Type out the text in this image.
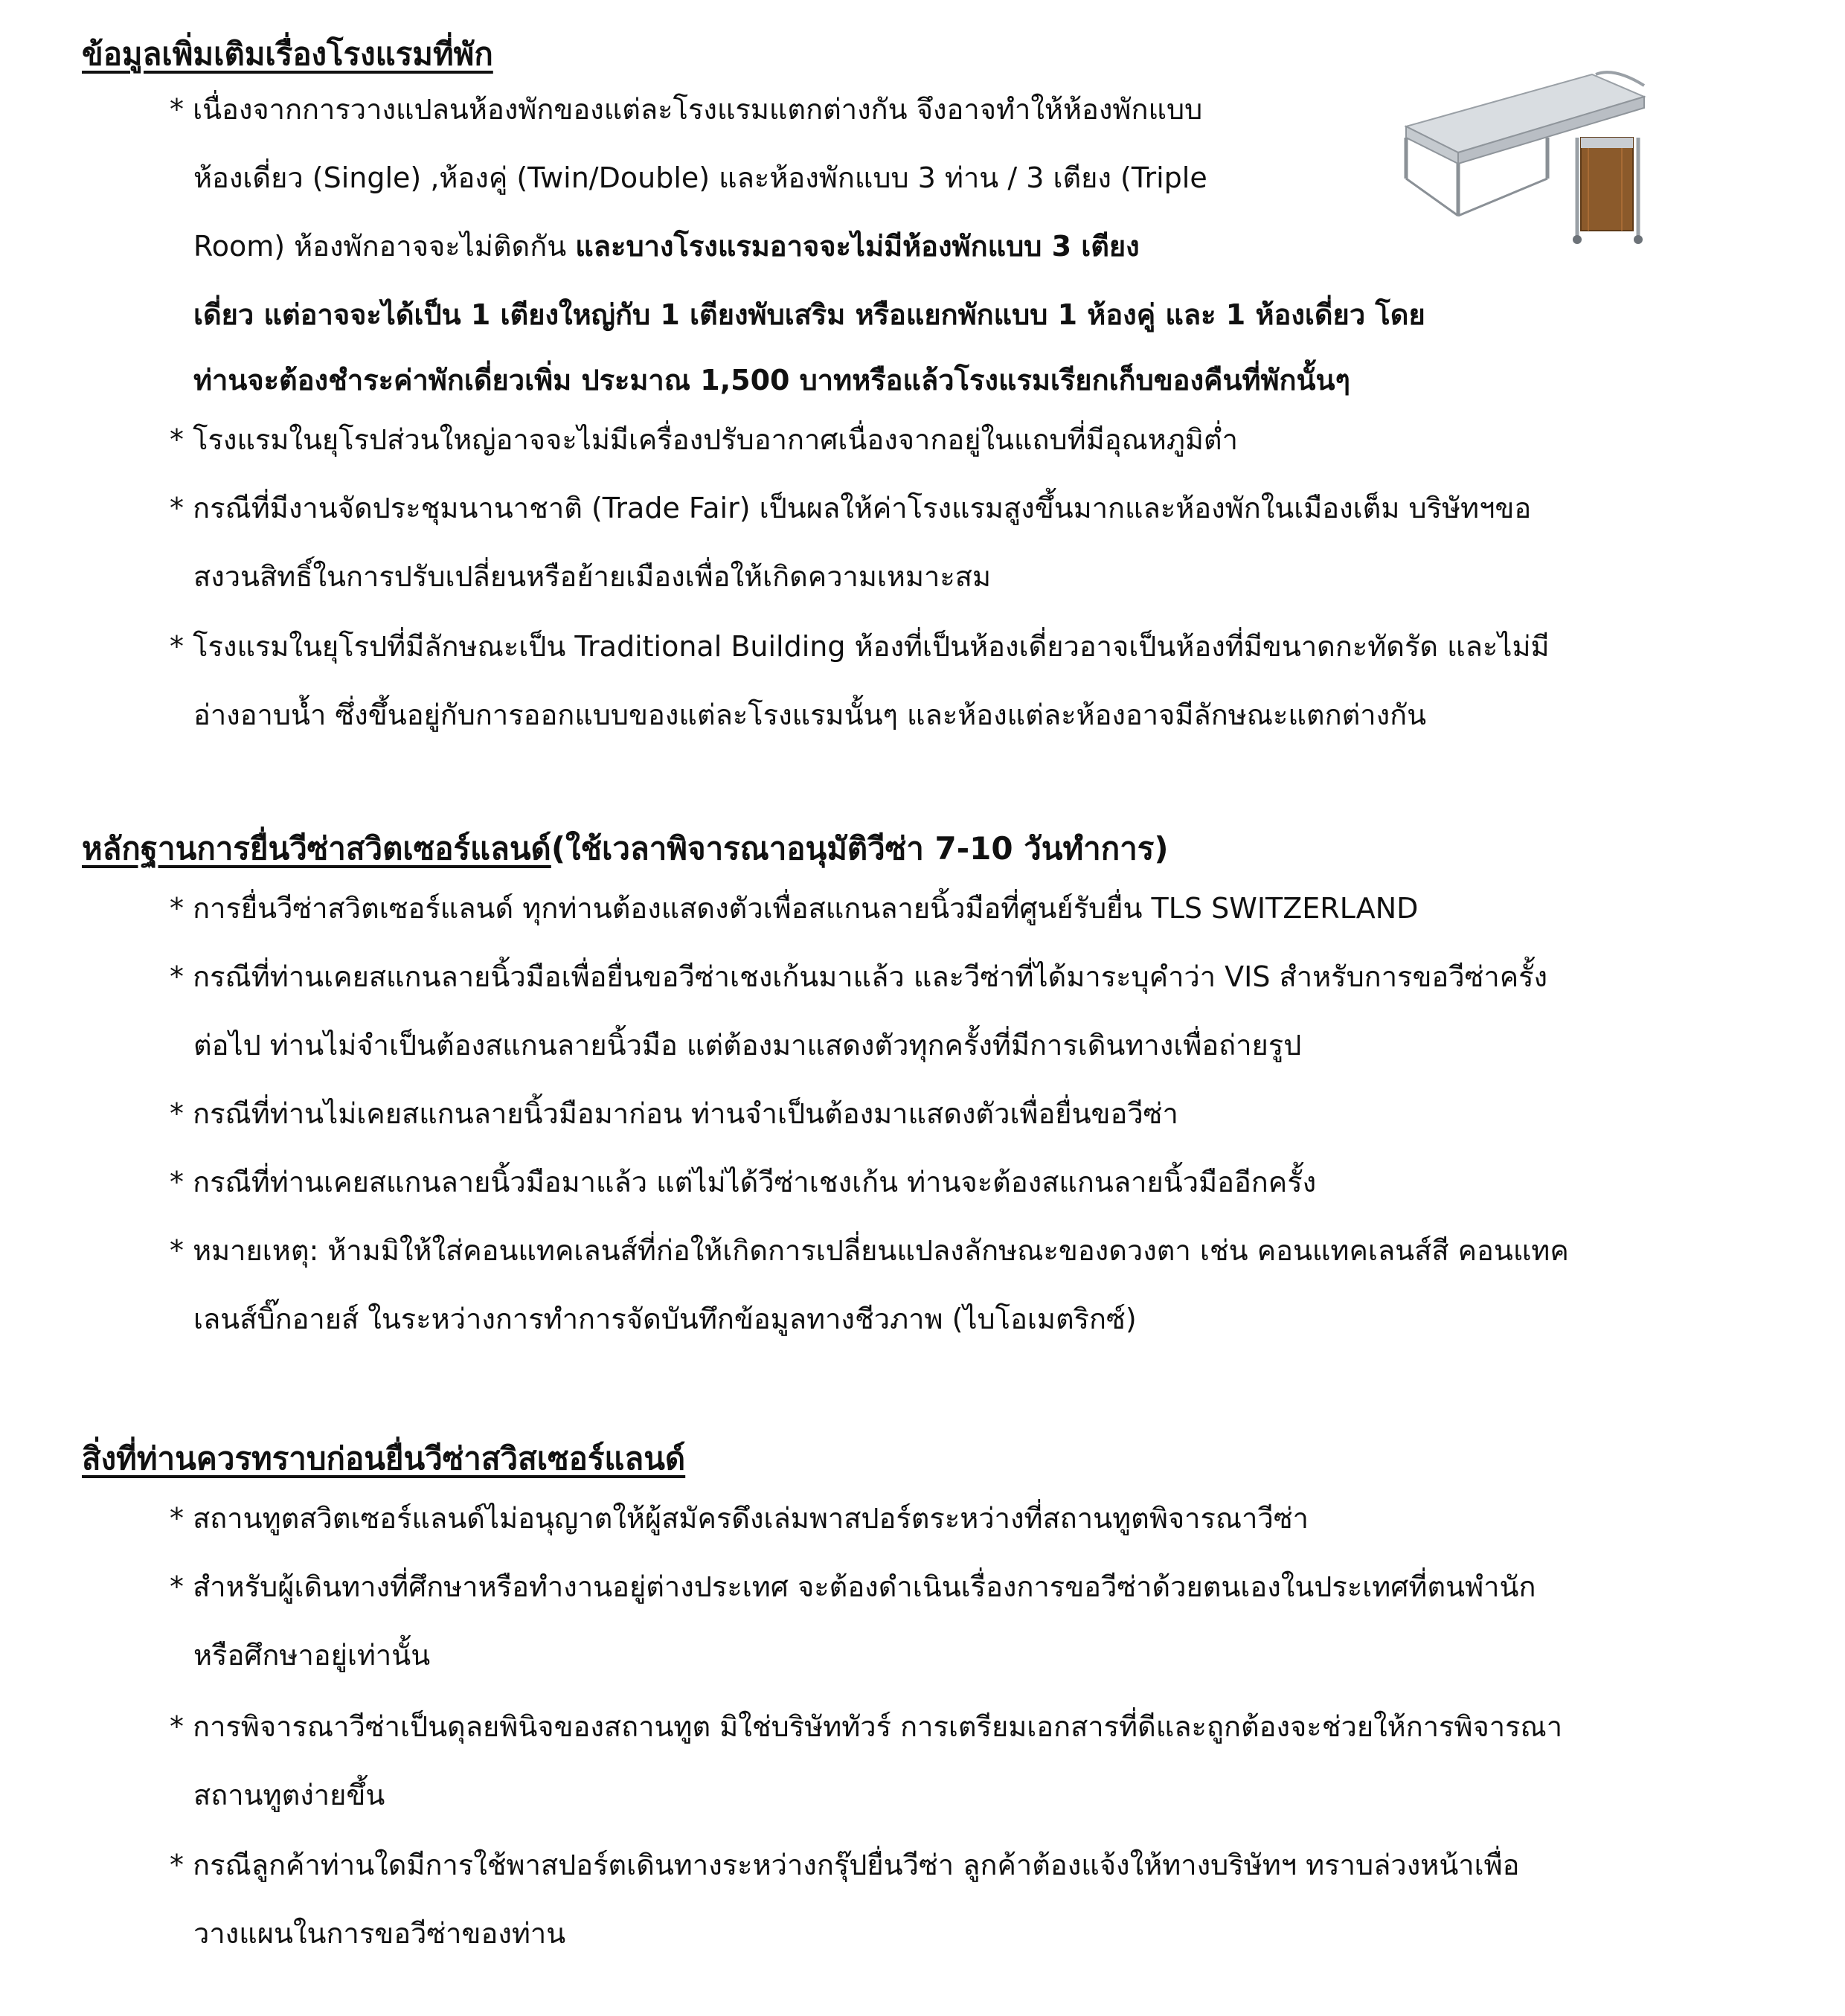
ข้อมูลเพิ่มเติมเรื่องโรงแรมที่พัก
* เนื่องจากการวางแปลนห้องพักของแต่ละโรงแรมแตกต่างกัน จึงอาจทำให้ห้องพักแบบ
ห้องเดี่ยว (Single) ,ห้องคู่ (Twin/Double) และห้องพักแบบ 3 ท่าน / 3 เตียง (Triple
Room) ห้องพักอาจจะไม่ติดกัน และบางโรงแรมอาจจะไม่มีห้องพักแบบ 3 เตียง
เดี่ยว แต่อาจจะได้เป็น 1 เตียงใหญ่กับ 1 เตียงพับเสริม หรือแยกพักแบบ 1 ห้องคู่ และ 1 ห้องเดี่ยว โดย
ท่านจะต้องชำระค่าพักเดี่ยวเพิ่ม ประมาณ 1,500 บาทหรือแล้วโรงแรมเรียกเก็บของคืนที่พักนั้นๆ
* โรงแรมในยุโรปส่วนใหญ่อาจจะไม่มีเครื่องปรับอากาศเนื่องจากอยู่ในแถบที่มีอุณหภูมิต่ำ
* กรณีที่มีงานจัดประชุมนานาชาติ (Trade Fair) เป็นผลให้ค่าโรงแรมสูงขึ้นมากและห้องพักในเมืองเต็ม บริษัทฯขอ
สงวนสิทธิ์ในการปรับเปลี่ยนหรือย้ายเมืองเพื่อให้เกิดความเหมาะสม
* โรงแรมในยุโรปที่มีลักษณะเป็น Traditional Building ห้องที่เป็นห้องเดี่ยวอาจเป็นห้องที่มีขนาดกะทัดรัด และไม่มี
อ่างอาบน้ำ ซึ่งขึ้นอยู่กับการออกแบบของแต่ละโรงแรมนั้นๆ และห้องแต่ละห้องอาจมีลักษณะแตกต่างกัน
หลักฐานการยื่นวีซ่าสวิตเซอร์แลนด์(ใช้เวลาพิจารณาอนุมัติวีซ่า 7-10 วันทำการ)
* การยื่นวีซ่าสวิตเซอร์แลนด์ ทุกท่านต้องแสดงตัวเพื่อสแกนลายนิ้วมือที่ศูนย์รับยื่น TLS SWITZERLAND
* กรณีที่ท่านเคยสแกนลายนิ้วมือเพื่อยื่นขอวีซ่าเชงเก้นมาแล้ว และวีซ่าที่ได้มาระบุคำว่า VIS สำหรับการขอวีซ่าครั้ง
ต่อไป ท่านไม่จำเป็นต้องสแกนลายนิ้วมือ แต่ต้องมาแสดงตัวทุกครั้งที่มีการเดินทางเพื่อถ่ายรูป
* กรณีที่ท่านไม่เคยสแกนลายนิ้วมือมาก่อน ท่านจำเป็นต้องมาแสดงตัวเพื่อยื่นขอวีซ่า
* กรณีที่ท่านเคยสแกนลายนิ้วมือมาแล้ว แต่ไม่ได้วีซ่าเชงเก้น ท่านจะต้องสแกนลายนิ้วมืออีกครั้ง
* หมายเหตุ: ห้ามมิให้ใส่คอนแทคเลนส์ที่ก่อให้เกิดการเปลี่ยนแปลงลักษณะของดวงตา เช่น คอนแทคเลนส์สี คอนแทค
เลนส์บิ๊กอายส์ ในระหว่างการทำการจัดบันทึกข้อมูลทางชีวภาพ (ไบโอเมตริกซ์)
สิ่งที่ท่านควรทราบก่อนยื่นวีซ่าสวิสเซอร์แลนด์
* สถานทูตสวิตเซอร์แลนด์ไม่อนุญาตให้ผู้สมัครดึงเล่มพาสปอร์ตระหว่างที่สถานทูตพิจารณาวีซ่า
* สำหรับผู้เดินทางที่ศึกษาหรือทำงานอยู่ต่างประเทศ จะต้องดำเนินเรื่องการขอวีซ่าด้วยตนเองในประเทศที่ตนพำนัก
หรือศึกษาอยู่เท่านั้น
* การพิจารณาวีซ่าเป็นดุลยพินิจของสถานทูต มิใช่บริษัททัวร์ การเตรียมเอกสารที่ดีและถูกต้องจะช่วยให้การพิจารณา
สถานทูตง่ายขึ้น
* กรณีลูกค้าท่านใดมีการใช้พาสปอร์ตเดินทางระหว่างกรุ๊ปยื่นวีซ่า ลูกค้าต้องแจ้งให้ทางบริษัทฯ ทราบล่วงหน้าเพื่อ
วางแผนในการขอวีซ่าของท่าน
